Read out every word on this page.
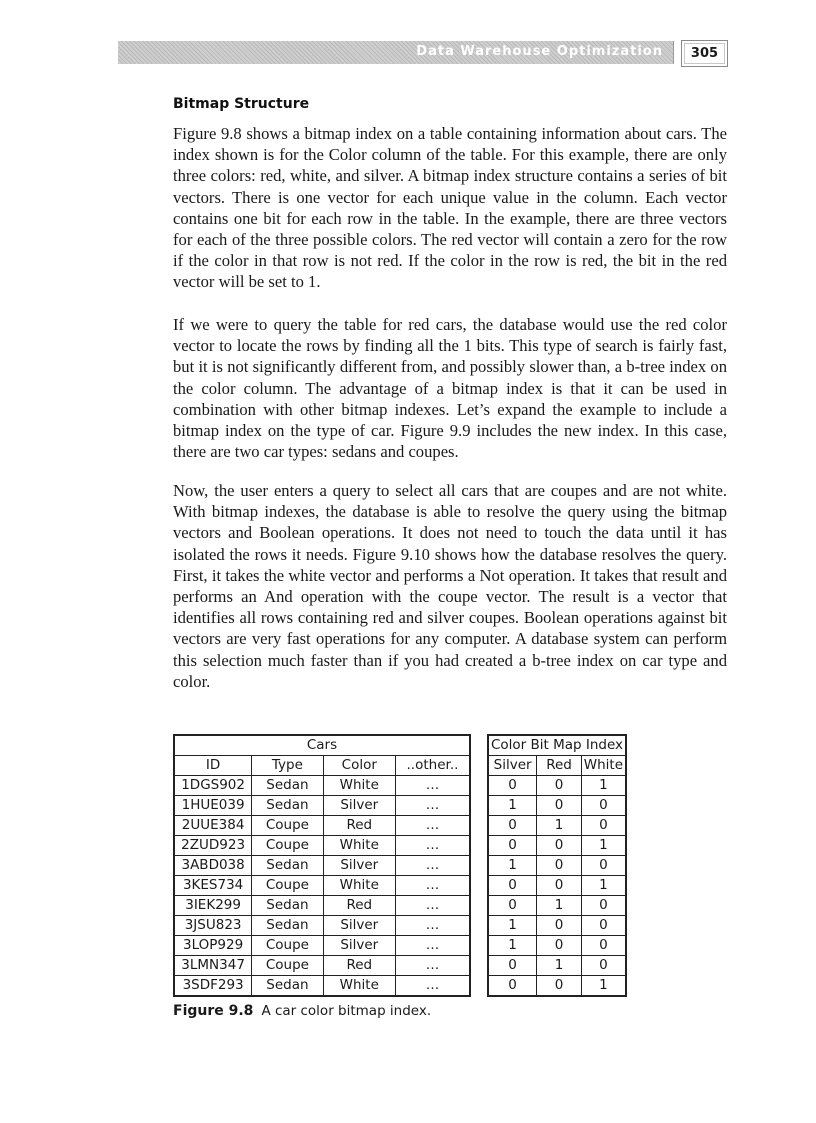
Data Warehouse Optimization	305
Bitmap Structure

Figure 9.8 shows a bitmap index on a table containing information about cars. The index shown is for the Color column of the table. For this example, there are only three colors: red, white, and silver. A bitmap index structure contains a series of bit vectors. There is one vector for each unique value in the column. Each vector contains one bit for each row in the table. In the example, there are three vectors for each of the three possible colors. The red vector will contain a zero for the row if the color in that row is not red. If the color in the row is red, the bit in the red vector will be set to 1.

If we were to query the table for red cars, the database would use the red color vector to locate the rows by finding all the 1 bits. This type of search is fairly fast, but it is not significantly different from, and possibly slower than, a b-tree index on the color column. The advantage of a bitmap index is that it can be used in combination with other bitmap indexes. Let’s expand the example to include a bitmap index on the type of car. Figure 9.9 includes the new index. In this case, there are two car types: sedans and coupes.

Now, the user enters a query to select all cars that are coupes and are not white. With bitmap indexes, the database is able to resolve the query using the bitmap vectors and Boolean operations. It does not need to touch the data until it has isolated the rows it needs. Figure 9.10 shows how the database resolves the query. First, it takes the white vector and performs a Not operation. It takes that result and performs an And operation with the coupe vector. The result is a vector that identifies all rows containing red and silver coupes. Boolean operations against bit vectors are very fast operations for any computer. A database system can perform this selection much faster than if you had created a b-tree index on car type and color.

Cars			
ID	Type	Color	..other..
1DGS902	Sedan	White	…
1HUE039	Sedan	Silver	…
2UUE384	Coupe	Red	…
2ZUD923	Coupe	White	…
3ABD038	Sedan	Silver	…
3KES734	Coupe	White	…
3IEK299	Sedan	Red	…
3JSU823	Sedan	Silver	…
3LOP929	Coupe	Silver	…
3LMN347	Coupe	Red	…
3SDF293	Sedan	White	…
Color Bit Map Index		
Silver	Red	White
0	0	1
1	0	0
0	1	0
0	0	1
1	0	0
0	0	1
0	1	0
1	0	0
1	0	0
0	1	0
0	0	1
Figure 9.8 A car color bitmap index.
